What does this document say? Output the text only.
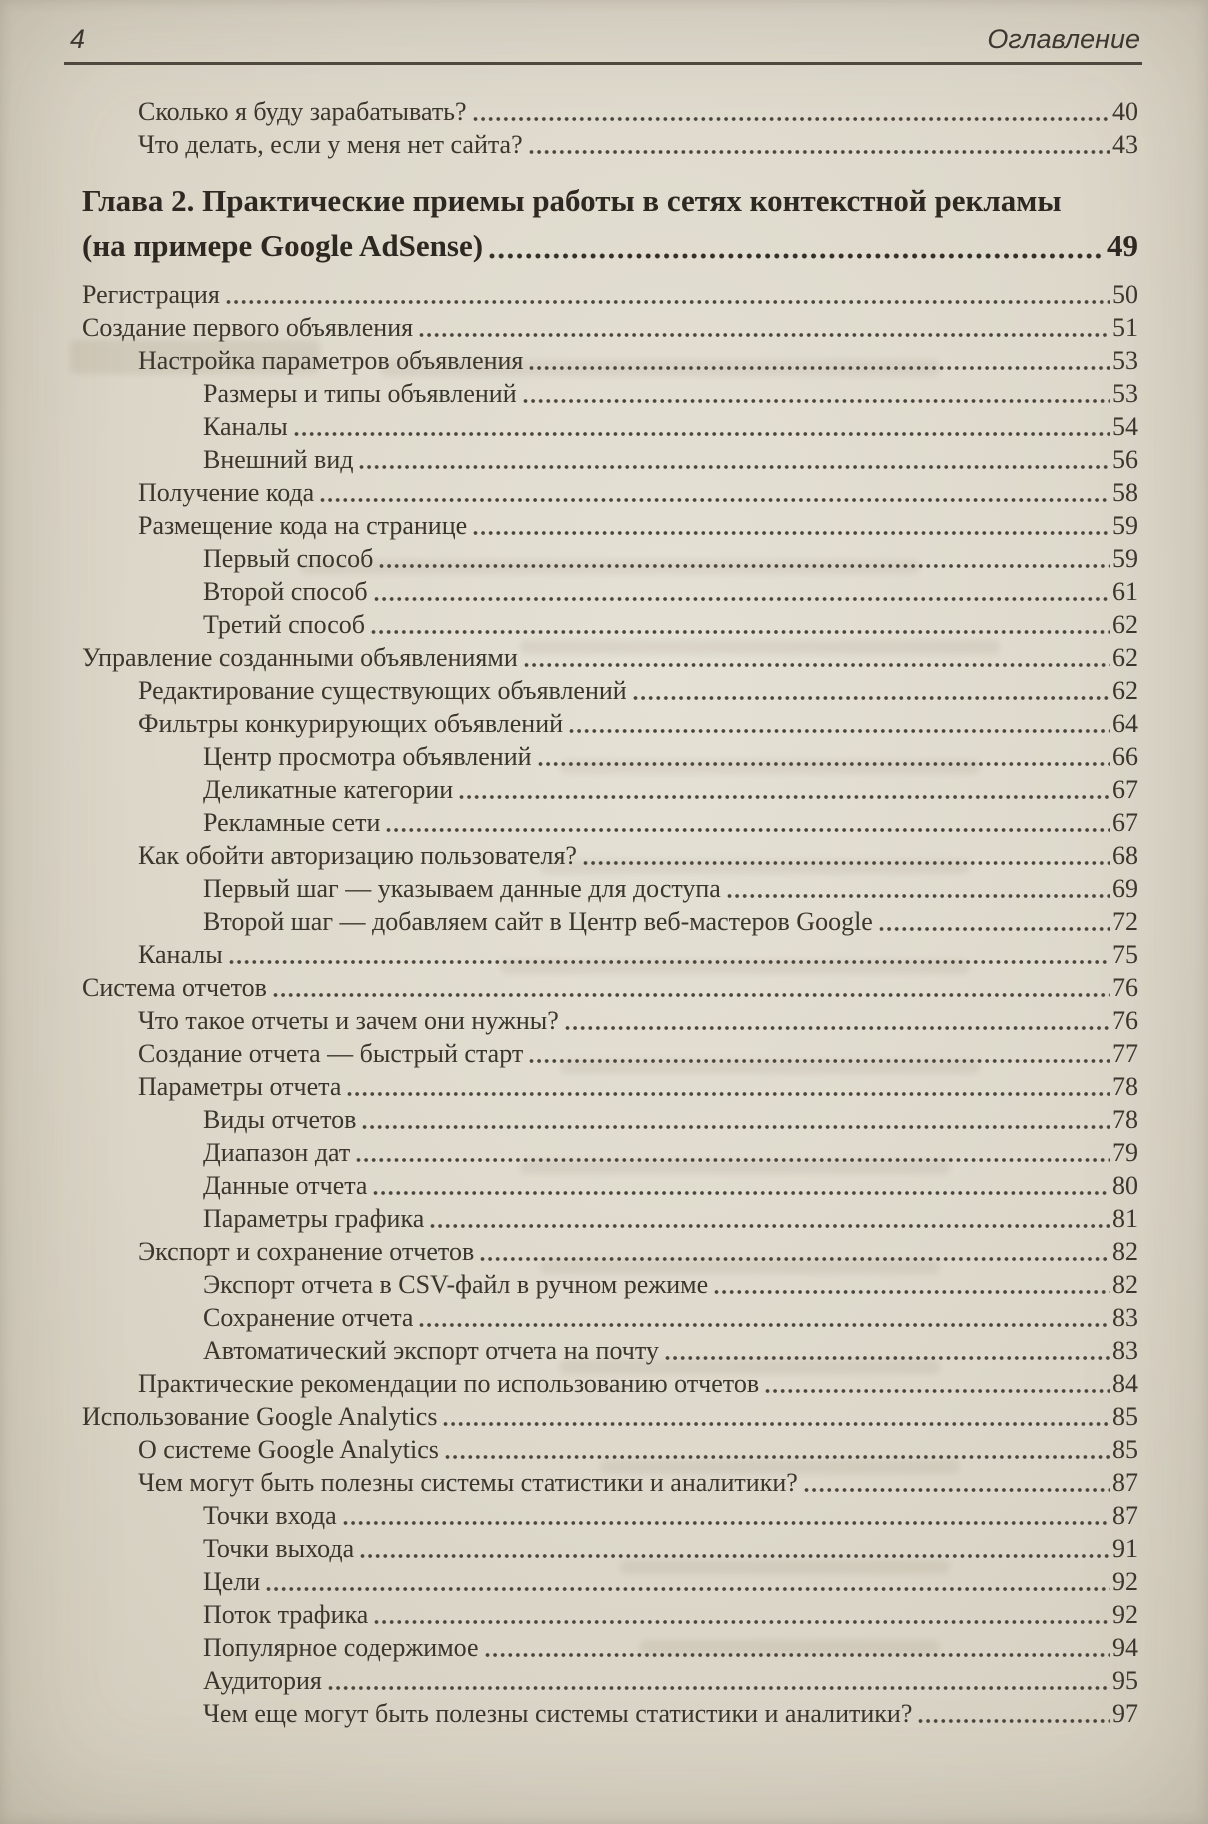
4	Оглавление
Сколько я буду зарабатывать?	40
Что делать, если у меня нет сайта?	43
Глава 2. Практические приемы работы в сетях контекстной рекламы
(на примере Google AdSense)	49
Регистрация	50
Создание первого объявления	51
Настройка параметров объявления	53
Размеры и типы объявлений	53
Каналы	54
Внешний вид	56
Получение кода	58
Размещение кода на странице	59
Первый способ	59
Второй способ	61
Третий способ	62
Управление созданными объявлениями	62
Редактирование существующих объявлений	62
Фильтры конкурирующих объявлений	64
Центр просмотра объявлений	66
Деликатные категории	67
Рекламные сети	67
Как обойти авторизацию пользователя?	68
Первый шаг — указываем данные для доступа	69
Второй шаг — добавляем сайт в Центр веб-мастеров Google	72
Каналы	75
Система отчетов	76
Что такое отчеты и зачем они нужны?	76
Создание отчета — быстрый старт	77
Параметры отчета	78
Виды отчетов	78
Диапазон дат	79
Данные отчета	80
Параметры графика	81
Экспорт и сохранение отчетов	82
Экспорт отчета в CSV-файл в ручном режиме	82
Сохранение отчета	83
Автоматический экспорт отчета на почту	83
Практические рекомендации по использованию отчетов	84
Использование Google Analytics	85
О системе Google Analytics	85
Чем могут быть полезны системы статистики и аналитики?	87
Точки входа	87
Точки выхода	91
Цели	92
Поток трафика	92
Популярное содержимое	94
Аудитория	95
Чем еще могут быть полезны системы статистики и аналитики?	97
